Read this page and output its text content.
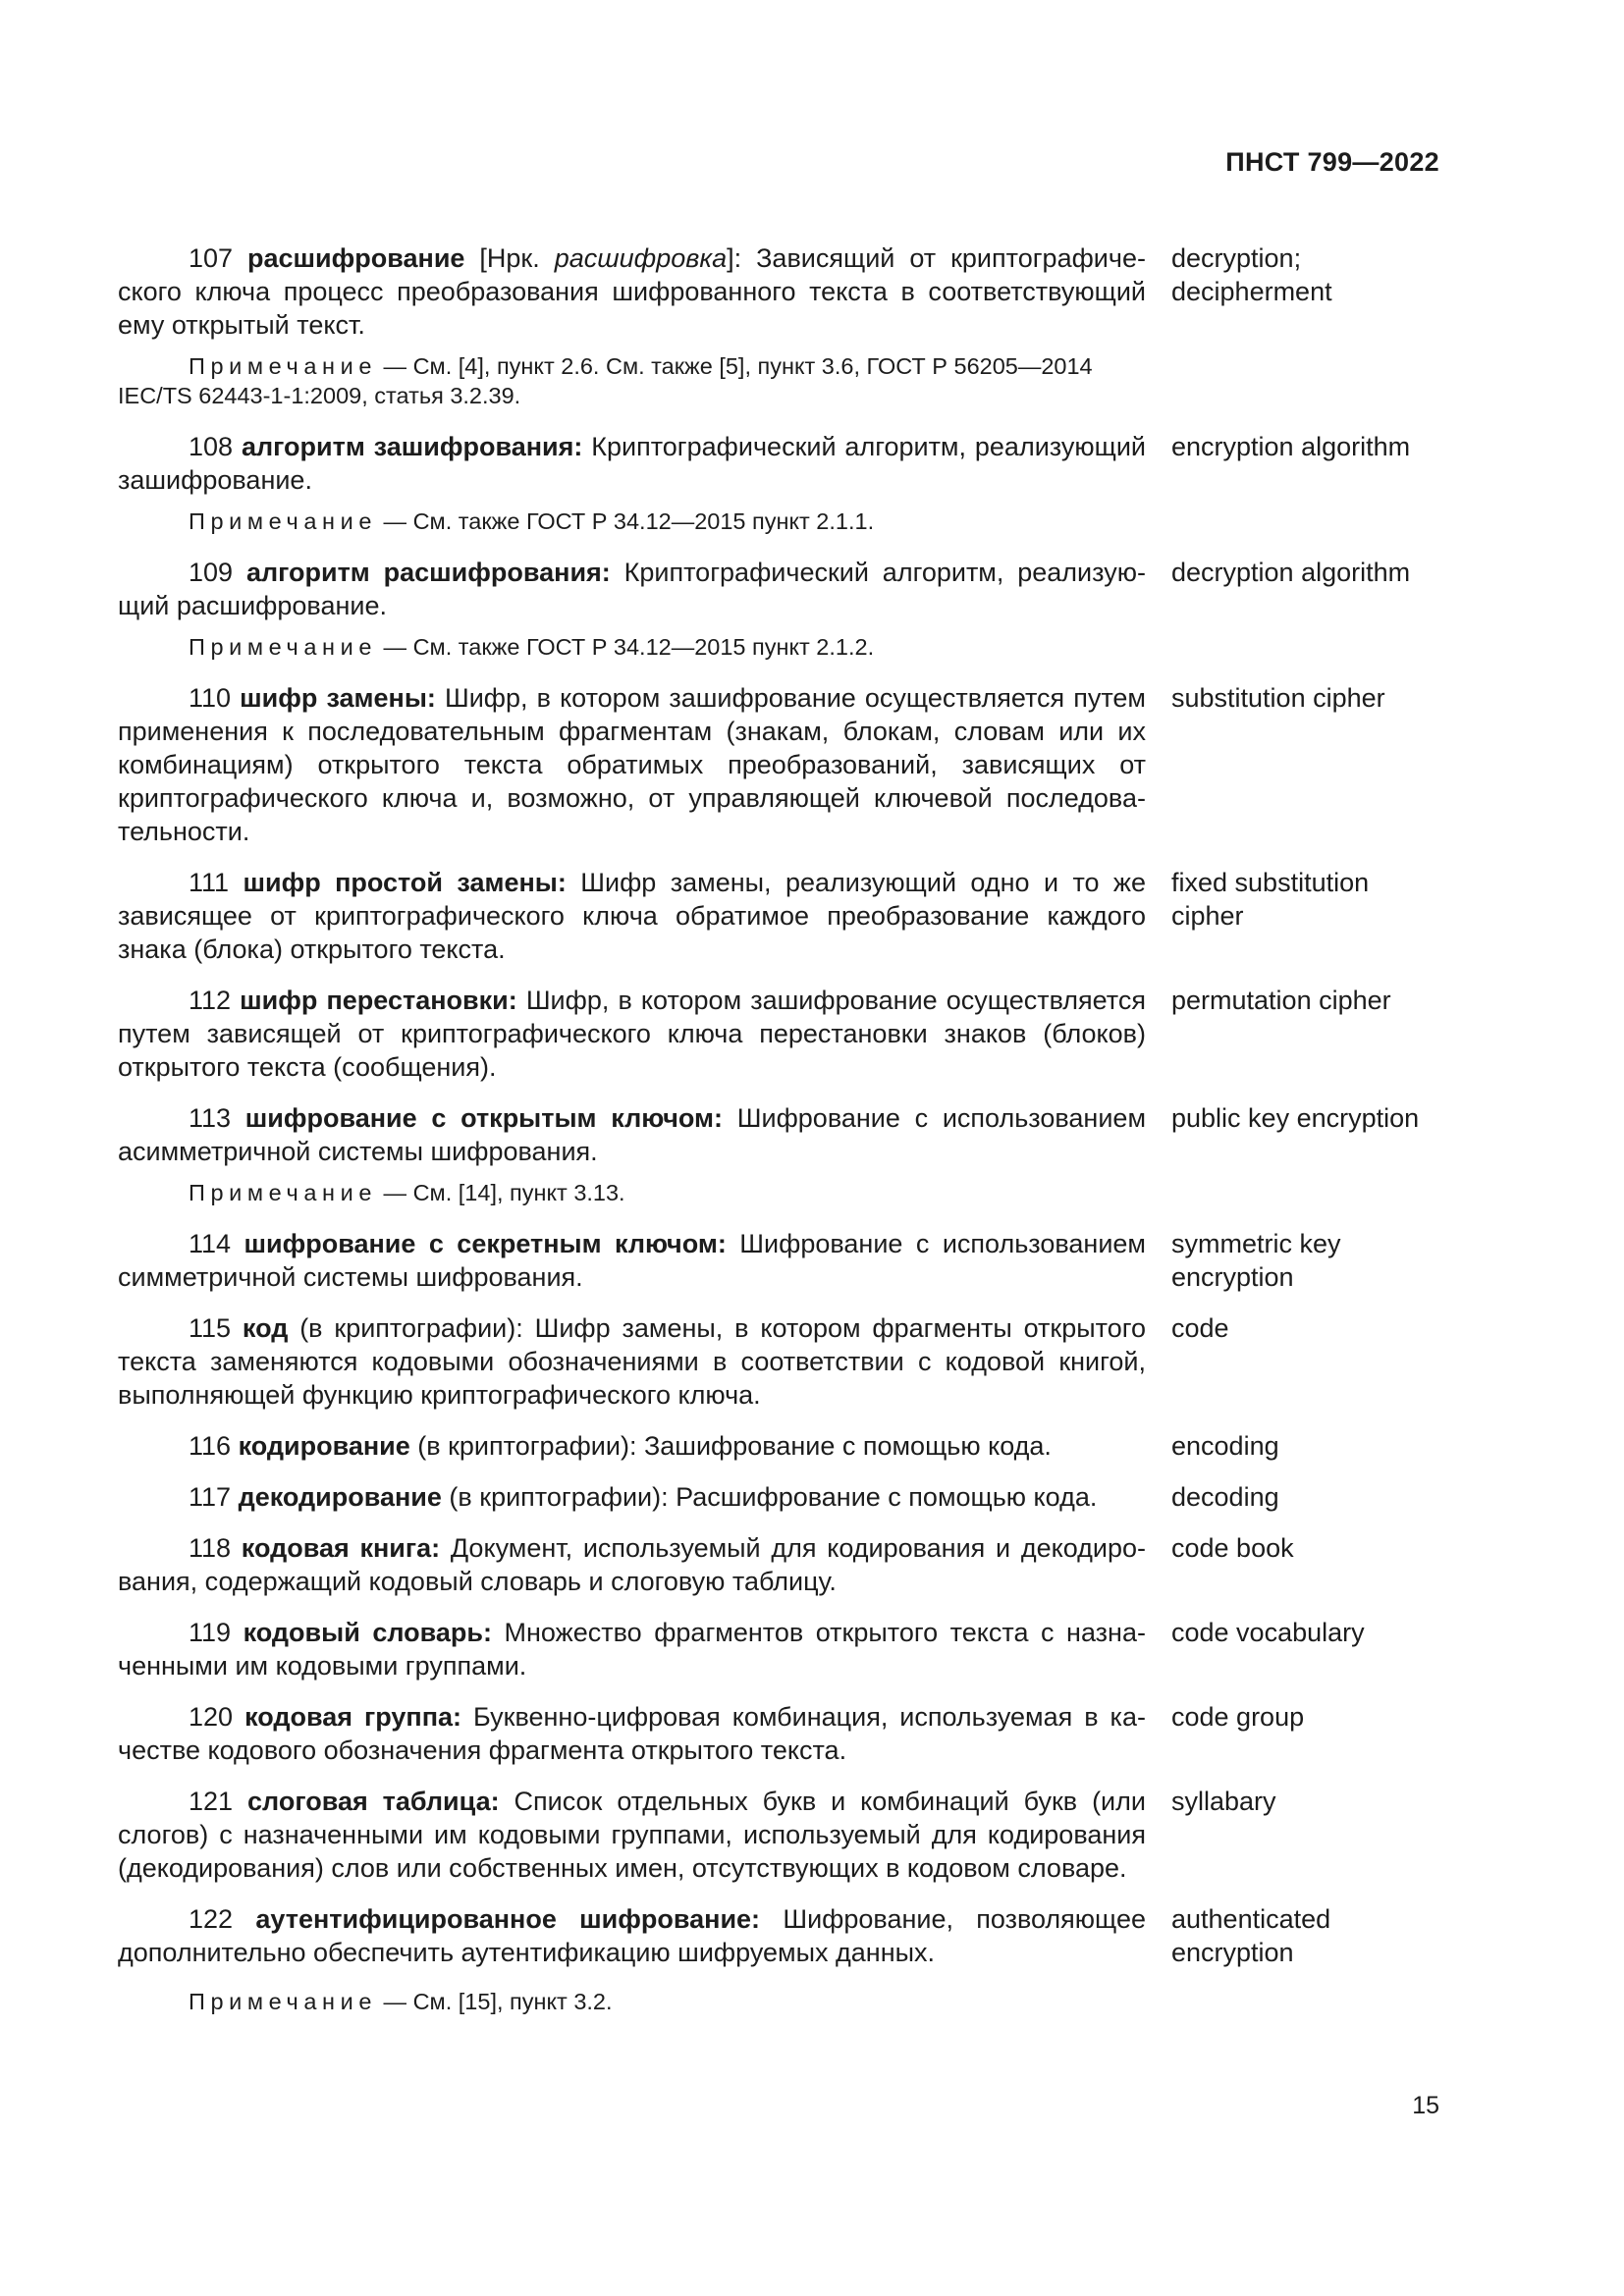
ПНСТ 799—2022

107 расшифрование [Нрк. расшифровка]: Зависящий от криптографического ключа процесс преобразования шифрованного текста в соответствующий ему открытый текст.

decryption;
decipherment

Примечание — См. [4], пункт 2.6. См. также [5], пункт 3.6, ГОСТ Р 56205—2014 IEC/TS 62443-1-1:2009, статья 3.2.39.

108 алгоритм зашифрования: Криптографический алгоритм, реализующий зашифрование.

encryption algorithm

Примечание — См. также ГОСТ Р 34.12—2015 пункт 2.1.1.

109 алгоритм расшифрования: Криптографический алгоритм, реализующий расшифрование.

decryption algorithm

Примечание — См. также ГОСТ Р 34.12—2015 пункт 2.1.2.

110 шифр замены: Шифр, в котором зашифрование осуществляется путем применения к последовательным фрагментам (знакам, блокам, словам или их комбинациям) открытого текста обратимых преобразований, зависящих от криптографического ключа и, возможно, от управляющей ключевой последовательности.

substitution cipher

111 шифр простой замены: Шифр замены, реализующий одно и то же зависящее от криптографического ключа обратимое преобразование каждого знака (блока) открытого текста.

fixed substitution
cipher

112 шифр перестановки: Шифр, в котором зашифрование осуществляется путем зависящей от криптографического ключа перестановки знаков (блоков) открытого текста (сообщения).

permutation cipher

113 шифрование с открытым ключом: Шифрование с использованием асимметричной системы шифрования.

public key encryption

Примечание — См. [14], пункт 3.13.

114 шифрование с секретным ключом: Шифрование с использованием симметричной системы шифрования.

symmetric key
encryption

115 код (в криптографии): Шифр замены, в котором фрагменты открытого текста заменяются кодовыми обозначениями в соответствии с кодовой книгой, выполняющей функцию криптографического ключа.

code

116 кодирование (в криптографии): Зашифрование с помощью кода.	encoding

117 декодирование (в криптографии): Расшифрование с помощью кода.	decoding

118 кодовая книга: Документ, используемый для кодирования и декодирования, содержащий кодовый словарь и слоговую таблицу.

code book

119 кодовый словарь: Множество фрагментов открытого текста с назначенными им кодовыми группами.

code vocabulary

120 кодовая группа: Буквенно-цифровая комбинация, используемая в качестве кодового обозначения фрагмента открытого текста.

code group

121 слоговая таблица: Список отдельных букв и комбинаций букв (или слогов) с назначенными им кодовыми группами, используемый для кодирования (декодирования) слов или собственных имен, отсутствующих в кодовом словаре.

syllabary

122 аутентифицированное шифрование: Шифрование, позволяющее дополнительно обеспечить аутентификацию шифруемых данных.

authenticated
encryption

Примечание — См. [15], пункт 3.2.

15
